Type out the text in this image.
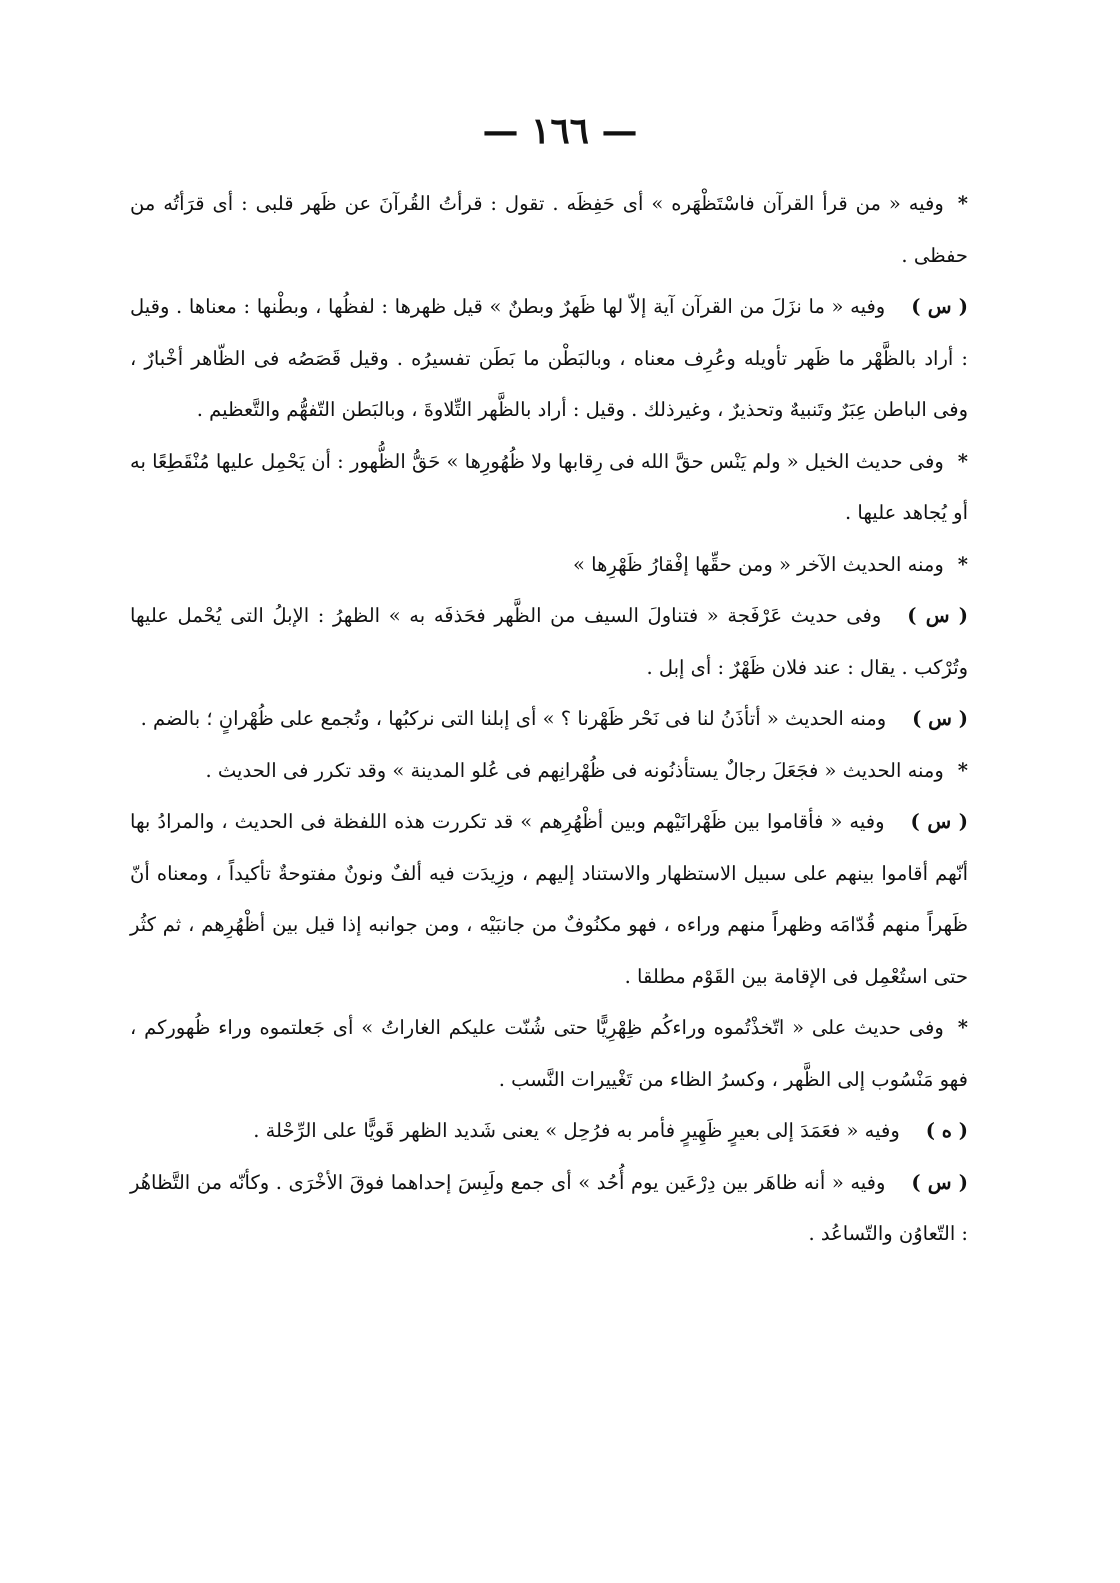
— ١٦٦ —

*وفيه « من قرأ القرآن فاسْتَظْهَره » أى حَفِظَه . تقول : قرأتُ القُرآنَ عن ظَهر قلبى : أى قرَأتُه من حفظى .

( س )وفيه « ما نزَلَ من القرآن آية إلاّ لها ظَهرٌ وبطنٌ » قيل ظهرها : لفظُها ، وبطْنها : معناها . وقيل : أراد بالظَّهْر ما ظَهر تأويله وعُرِف معناه ، وبالبَطْن ما بَطَن تفسيرُه . وقيل قَصَصُه فى الظّاهر أخْبارٌ ، وفى الباطن عِبَرٌ وتَنبيهٌ وتحذيرٌ ، وغيرذلك . وقيل : أراد بالظَّهر التِّلاوةَ ، وبالبَطن التّفهُّم والتَّعظيم .

*وفى حديث الخيل « ولم يَنْس حقَّ الله فى رِقابها ولا ظُهُورِها » حَقُّ الظُّهور : أن يَحْمِل عليها مُنْقَطِعًا به أو يُجاهد عليها .

*ومنه الحديث الآخر « ومن حقِّها إفْقارُ ظَهْرِها »

( س )وفى حديث عَرْفَجة « فتناولَ السيف من الظَّهر فحَذفَه به » الظهرُ : الإبلُ التى يُحْمل عليها وتُرْكب . يقال : عند فلان ظَهْرٌ : أى إبل .

( س )ومنه الحديث « أتأذَنُ لنا فى نَحْر ظَهْرنا ؟ » أى إبلنا التى نركبُها ، وتُجمع على ظُهْرانٍ ؛ بالضم .

*ومنه الحديث « فجَعَلَ رجالٌ يستأذنُونه فى ظُهْرانِهم فى عُلو المدينة » وقد تكرر فى الحديث .

( س )وفيه « فأقاموا بين ظَهْرانَيْهم وبين أظْهُرِهم » قد تكررت هذه اللفظة فى الحديث ، والمرادُ بها أنّهم أقاموا بينهم على سبيل الاستظهار والاستناد إليهم ، وزِيدَت فيه ألفٌ ونونٌ مفتوحةٌ تأكيداً ، ومعناه أنّ ظَهراً منهم قُدّامَه وظهراً منهم وراءه ، فهو مكنُوفٌ من جانبَيْه ، ومن جوانبه إذا قيل بين أظْهُرِهم ، ثم كثُر حتى استُعْمِل فى الإقامة بين القَوْم مطلقا .

*وفى حديث على « اتّخذْتُموه وراءكُم ظِهْرِيًّا حتى شُنّت عليكم الغاراتُ » أى جَعلتموه وراء ظُهوركم ، فهو مَنْسُوب إلى الظَّهر ، وكسرُ الظاء من تَغْييرات النَّسب .

( ه )وفيه « فعَمَدَ إلى بعيرٍ ظَهِيرٍ فأمر به فرُحِل » يعنى شَديد الظهر قَويًّا على الرِّحْلة .

( س )وفيه « أنه ظاهَر بين دِرْعَين يوم أُحُد » أى جمع ولَبِسَ إحداهما فوقَ الأخْرَى . وكأنّه من التَّظاهُر : التّعاوُن والتّساعُد .
